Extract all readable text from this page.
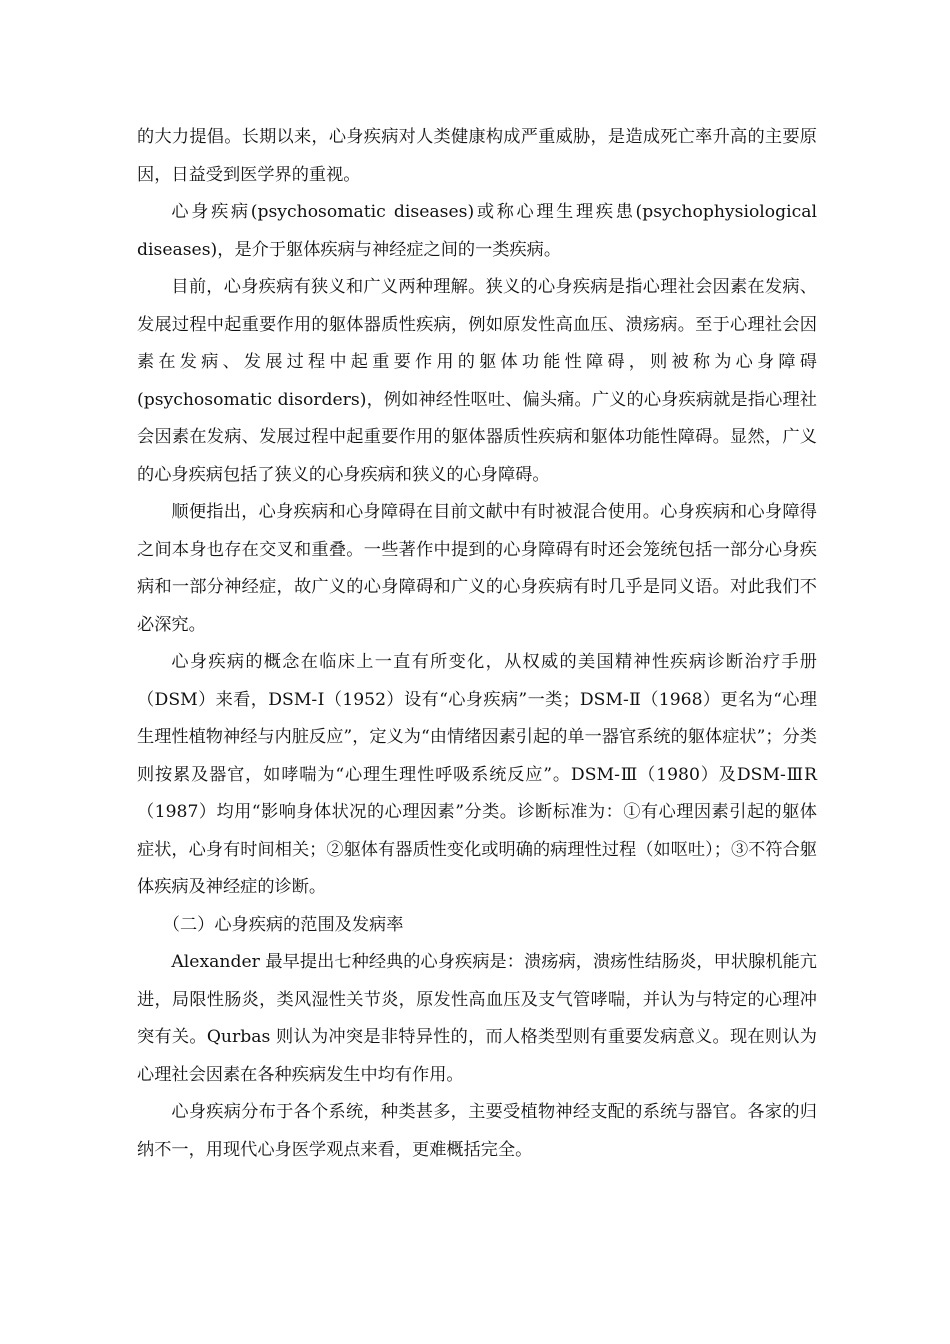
的大力提倡。长期以来，心身疾病对人类健康构成严重威胁，是造成死亡率升高的主要原因，日益受到医学界的重视。

心身疾病(psychosomatic diseases)或称心理生理疾患(psychophysiological diseases)，是介于躯体疾病与神经症之间的一类疾病。

目前，心身疾病有狭义和广义两种理解。狭义的心身疾病是指心理社会因素在发病、发展过程中起重要作用的躯体器质性疾病，例如原发性高血压、溃疡病。至于心理社会因素在发病、发展过程中起重要作用的躯体功能性障碍，则被称为心身障碍(psychosomatic disorders)，例如神经性呕吐、偏头痛。广义的心身疾病就是指心理社会因素在发病、发展过程中起重要作用的躯体器质性疾病和躯体功能性障碍。显然，广义的心身疾病包括了狭义的心身疾病和狭义的心身障碍。

顺便指出，心身疾病和心身障碍在目前文献中有时被混合使用。心身疾病和心身障得之间本身也存在交叉和重叠。一些著作中提到的心身障碍有时还会笼统包括一部分心身疾病和一部分神经症，故广义的心身障碍和广义的心身疾病有时几乎是同义语。对此我们不必深究。

心身疾病的概念在临床上一直有所变化，从权威的美国精神性疾病诊断治疗手册（DSM）来看，DSM-Ⅰ（1952）设有“心身疾病”一类；DSM-Ⅱ（1968）更名为“心理生理性植物神经与内脏反应”，定义为“由情绪因素引起的单一器官系统的躯体症状”；分类则按累及器官，如哮喘为“心理生理性呼吸系统反应”。DSM-Ⅲ（1980）及DSM-ⅢR（1987）均用“影响身体状况的心理因素”分类。诊断标准为：①有心理因素引起的躯体症状，心身有时间相关；②躯体有器质性变化或明确的病理性过程（如呕吐）；③不符合躯体疾病及神经症的诊断。

（二）心身疾病的范围及发病率

Alexander 最早提出七种经典的心身疾病是：溃疡病，溃疡性结肠炎，甲状腺机能亢进，局限性肠炎，类风湿性关节炎，原发性高血压及支气管哮喘，并认为与特定的心理冲突有关。Qurbas 则认为冲突是非特异性的，而人格类型则有重要发病意义。现在则认为心理社会因素在各种疾病发生中均有作用。

心身疾病分布于各个系统，种类甚多，主要受植物神经支配的系统与器官。各家的归纳不一，用现代心身医学观点来看，更难概括完全。
